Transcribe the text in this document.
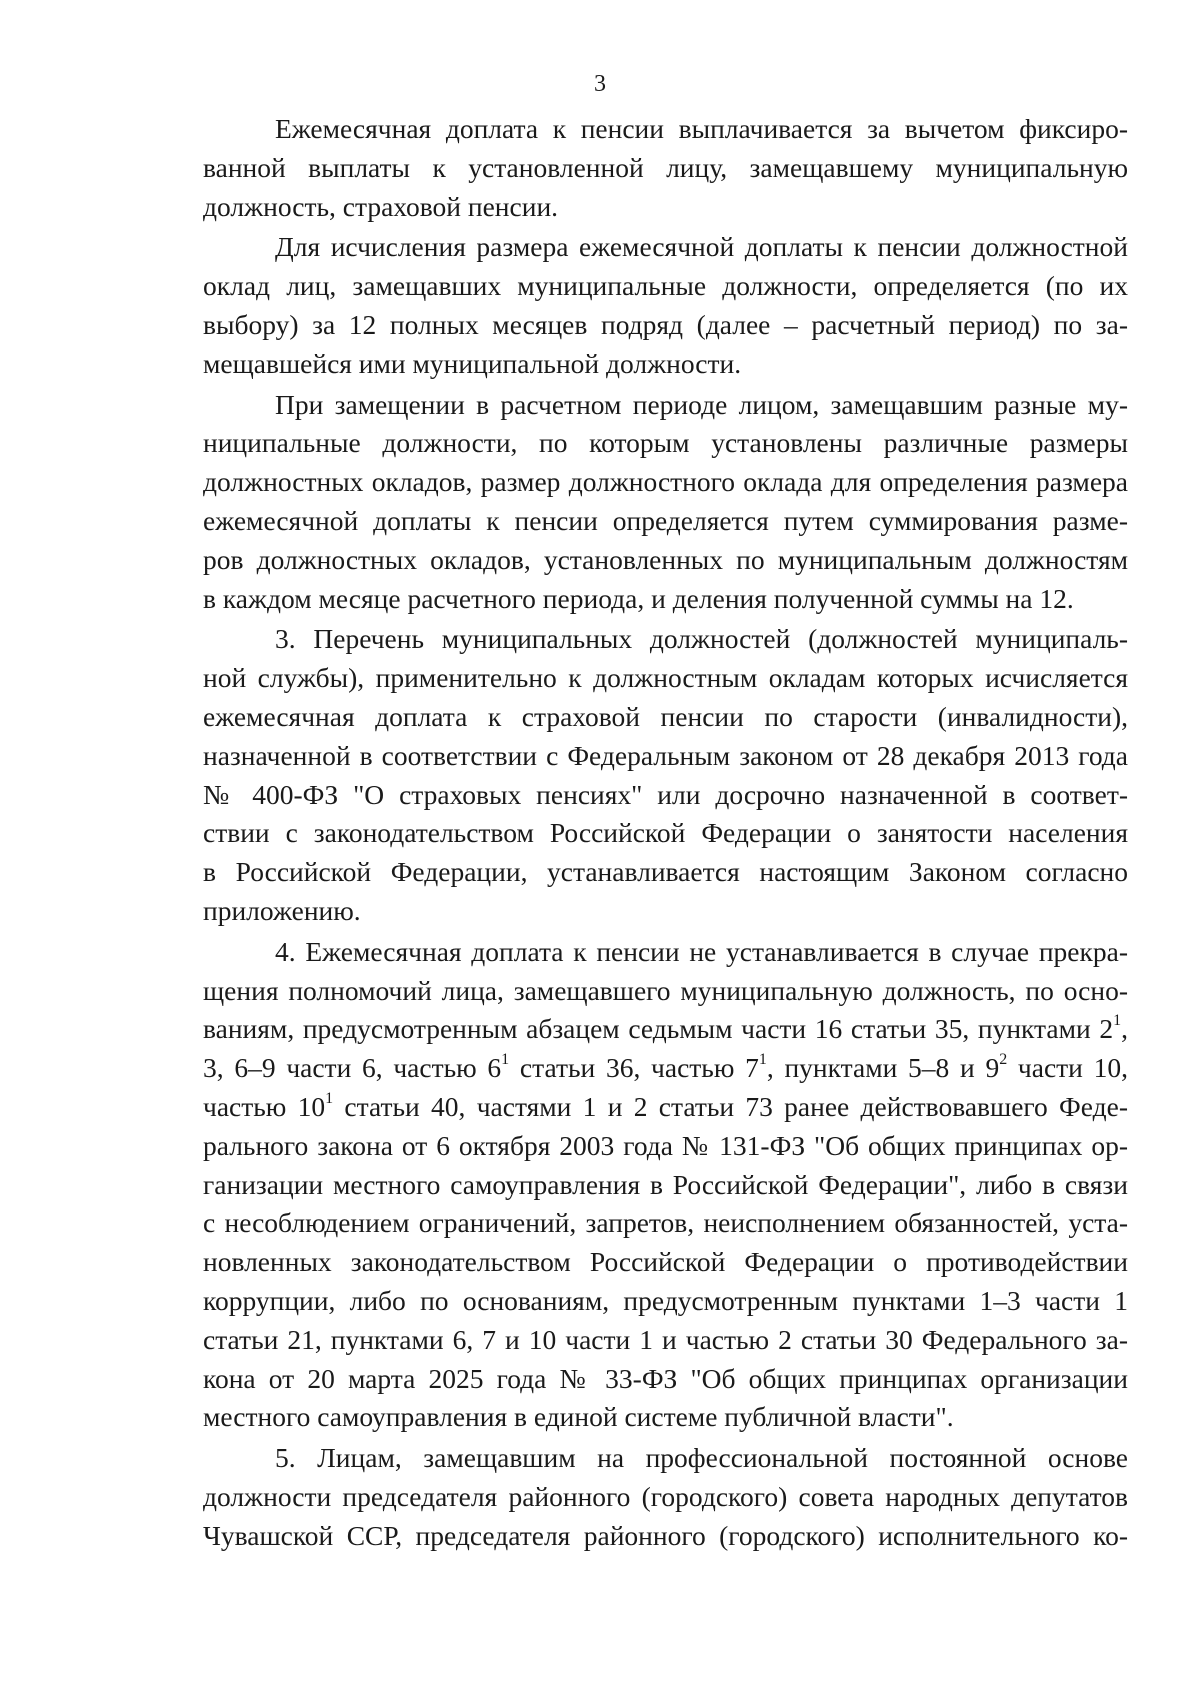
3
Ежемесячная доплата к пенсии выплачивается за вычетом фиксиро-
ванной выплаты к установленной лицу, замещавшему муниципальную
должность, страховой пенсии.
Для исчисления размера ежемесячной доплаты к пенсии должностной
оклад лиц, замещавших муниципальные должности, определяется (по их
выбору) за 12 полных месяцев подряд (далее – расчетный период) по за-
мещавшейся ими муниципальной должности.
При замещении в расчетном периоде лицом, замещавшим разные му-
ниципальные должности, по которым установлены различные размеры
должностных окладов, размер должностного оклада для определения размера
ежемесячной доплаты к пенсии определяется путем суммирования разме-
ров должностных окладов, установленных по муниципальным должностям
в каждом месяце расчетного периода, и деления полученной суммы на 12.
3. Перечень муниципальных должностей (должностей муниципаль-
ной службы), применительно к должностным окладам которых исчисляется
ежемесячная доплата к страховой пенсии по старости (инвалидности),
назначенной в соответствии с Федеральным законом от 28 декабря 2013 года
№ 400-ФЗ "О страховых пенсиях" или досрочно назначенной в соответ-
ствии с законодательством Российской Федерации о занятости населения
в Российской Федерации, устанавливается настоящим Законом согласно
приложению.
4. Ежемесячная доплата к пенсии не устанавливается в случае прекра-
щения полномочий лица, замещавшего муниципальную должность, по осно-
ваниям, предусмотренным абзацем седьмым части 16 статьи 35, пунктами $2^1$,
3, 6–9 части 6, частью $6^1$ статьи 36, частью $7^1$, пунктами 5–8 и $9^2$ части 10,
частью $10^1$ статьи 40, частями 1 и 2 статьи 73 ранее действовавшего Феде-
рального закона от 6 октября 2003 года № 131-ФЗ "Об общих принципах ор-
ганизации местного самоуправления в Российской Федерации", либо в связи
с несоблюдением ограничений, запретов, неисполнением обязанностей, уста-
новленных законодательством Российской Федерации о противодействии
коррупции, либо по основаниям, предусмотренным пунктами 1–3 части 1
статьи 21, пунктами 6, 7 и 10 части 1 и частью 2 статьи 30 Федерального за-
кона от 20 марта 2025 года № 33-ФЗ "Об общих принципах организации
местного самоуправления в единой системе публичной власти".
5. Лицам, замещавшим на профессиональной постоянной основе
должности председателя районного (городского) совета народных депутатов
Чувашской ССР, председателя районного (городского) исполнительного ко-
